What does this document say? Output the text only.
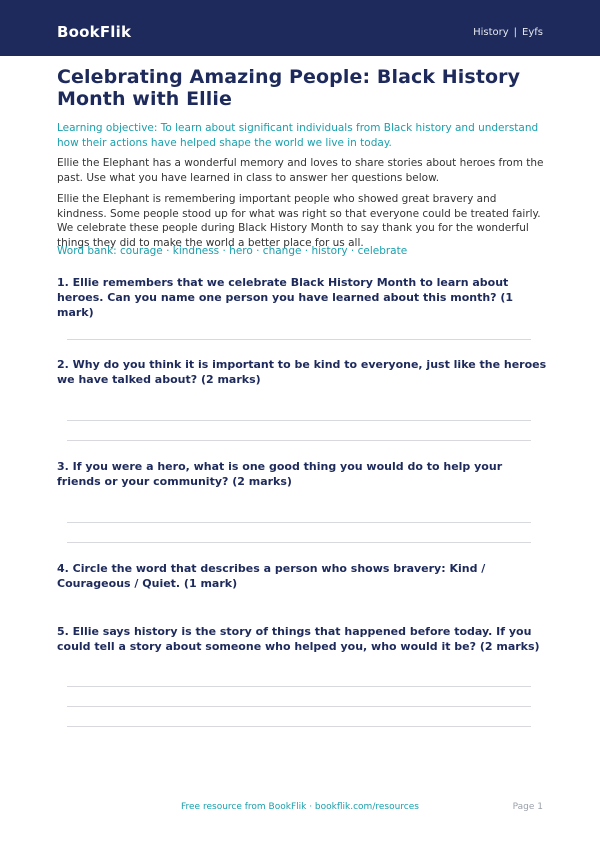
BookFlik	History | Eyfs
Celebrating Amazing People: Black History Month with Ellie

Learning objective: To learn about significant individuals from Black history and understand how their actions have helped shape the world we live in today.

Ellie the Elephant has a wonderful memory and loves to share stories about heroes from the past. Use what you have learned in class to answer her questions below.

Ellie the Elephant is remembering important people who showed great bravery and kindness. Some people stood up for what was right so that everyone could be treated fairly. We celebrate these people during Black History Month to say thank you for the wonderful things they did to make the world a better place for us all.

Word bank: courage · kindness · hero · change · history · celebrate

1. Ellie remembers that we celebrate Black History Month to learn about heroes. Can you name one person you have learned about this month? (1 mark)

2. Why do you think it is important to be kind to everyone, just like the heroes we have talked about? (2 marks)

3. If you were a hero, what is one good thing you would do to help your friends or your community? (2 marks)

4. Circle the word that describes a person who shows bravery: Kind / Courageous / Quiet. (1 mark)

5. Ellie says history is the story of things that happened before today. If you could tell a story about someone who helped you, who would it be? (2 marks)

Free resource from BookFlik · bookflik.com/resources	Page 1
